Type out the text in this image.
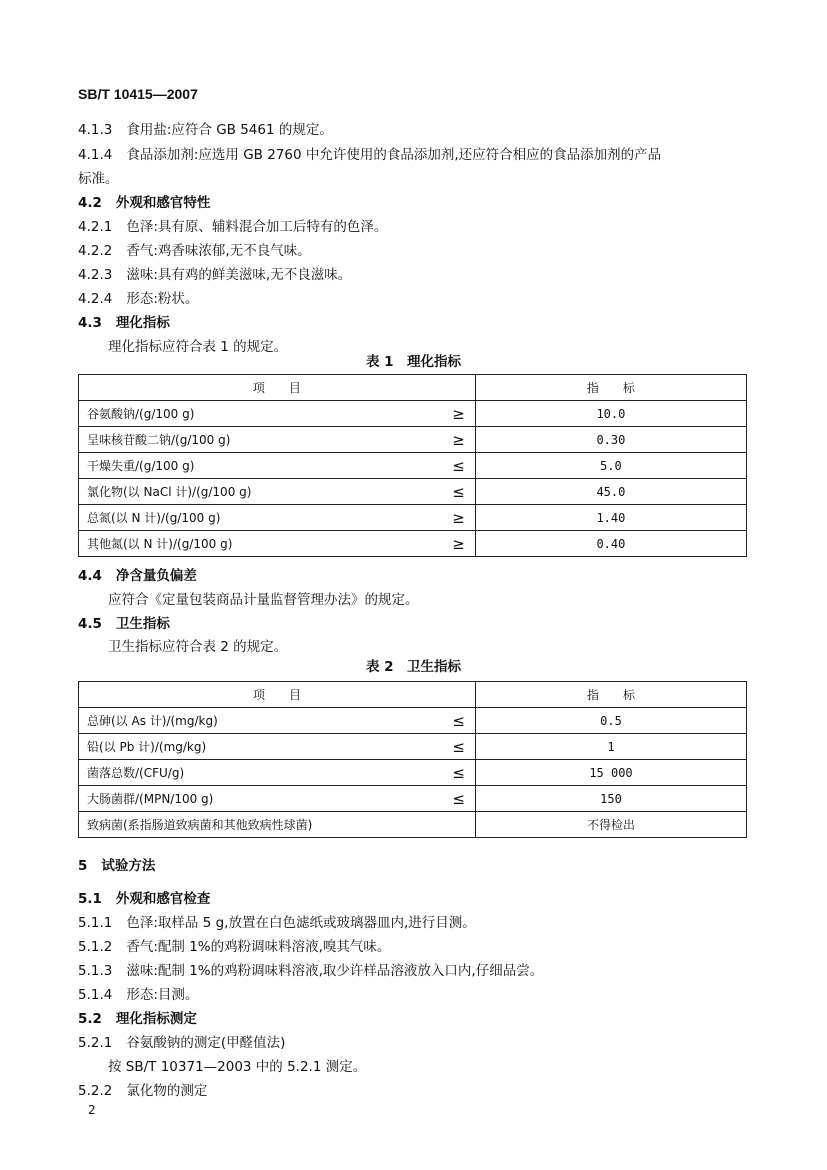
SB/T 10415—2007
4.1.3 食用盐:应符合 GB 5461 的规定。
4.1.4 食品添加剂:应选用 GB 2760 中允许使用的食品添加剂,还应符合相应的食品添加剂的产品
标准。
4.2 外观和感官特性
4.2.1 色泽:具有原、辅料混合加工后特有的色泽。
4.2.2 香气:鸡香味浓郁,无不良气味。
4.2.3 滋味:具有鸡的鲜美滋味,无不良滋味。
4.2.4 形态:粉状。
4.3 理化指标
理化指标应符合表 1 的规定。
表 1　理化指标
项　　目		指　　标
谷氨酸钠/(g/100 g)	≥	10.0
呈味核苷酸二钠/(g/100 g)	≥	0.30
干燥失重/(g/100 g)	≤	5.0
氯化物(以 NaCl 计)/(g/100 g)	≤	45.0
总氮(以 N 计)/(g/100 g)	≥	1.40
其他氮(以 N 计)/(g/100 g)	≥	0.40
4.4 净含量负偏差
应符合《定量包装商品计量监督管理办法》的规定。
4.5 卫生指标
卫生指标应符合表 2 的规定。
表 2　卫生指标
项　　目		指　　标
总砷(以 As 计)/(mg/kg)	≤	0.5
铅(以 Pb 计)/(mg/kg)	≤	1
菌落总数/(CFU/g)	≤	15 000
大肠菌群/(MPN/100 g)	≤	150
致病菌(系指肠道致病菌和其他致病性球菌)		不得检出
5 试验方法
5.1 外观和感官检查
5.1.1 色泽:取样品 5 g,放置在白色滤纸或玻璃器皿内,进行目测。
5.1.2 香气:配制 1%的鸡粉调味料溶液,嗅其气味。
5.1.3 滋味:配制 1%的鸡粉调味料溶液,取少许样品溶液放入口内,仔细品尝。
5.1.4 形态:目测。
5.2 理化指标测定
5.2.1 谷氨酸钠的测定(甲醛值法)
按 SB/T 10371—2003 中的 5.2.1 测定。
5.2.2 氯化物的测定
2
